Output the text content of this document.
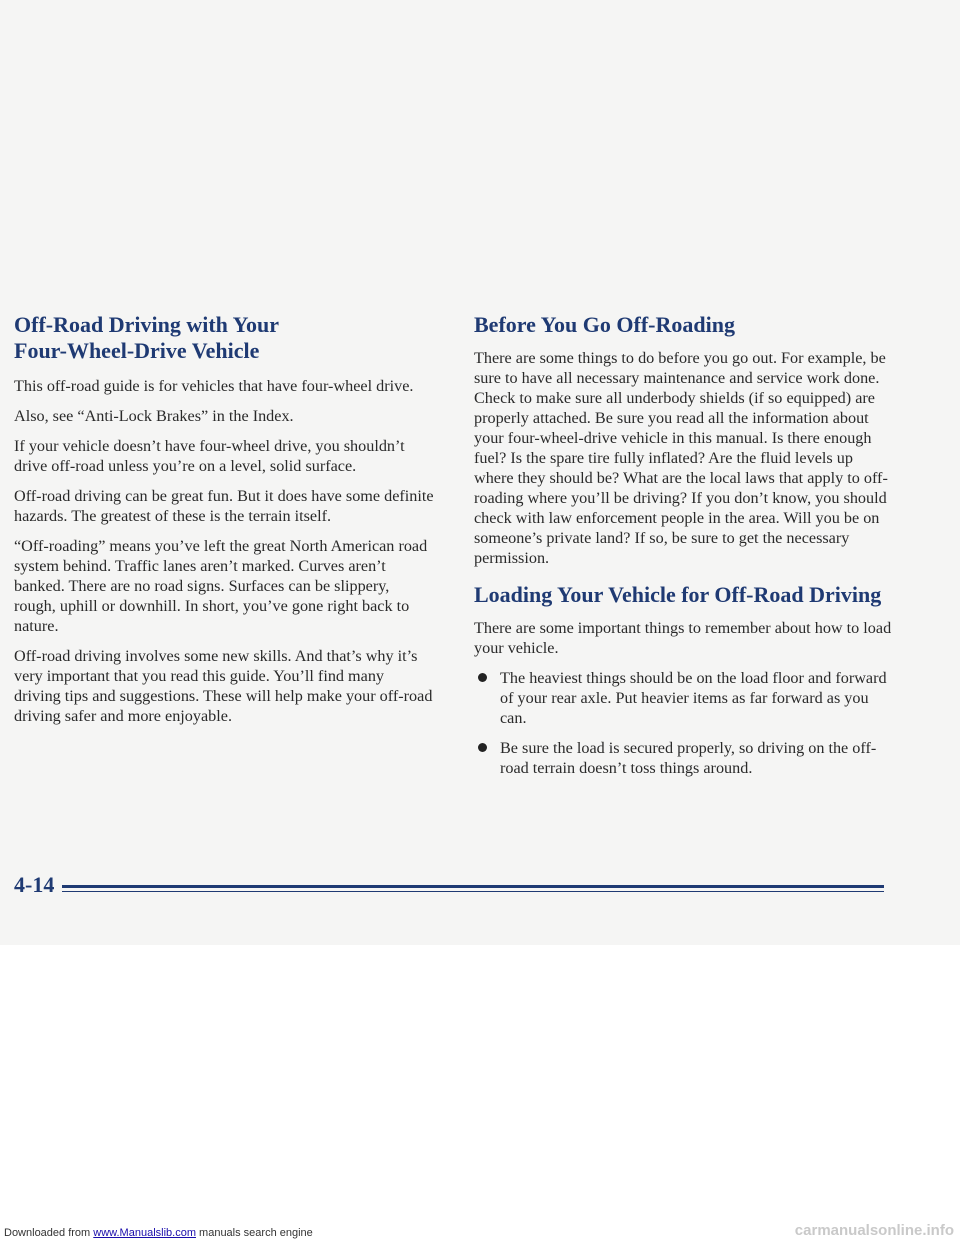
Off-Road Driving with Your
Four-Wheel-Drive Vehicle

This off-road guide is for vehicles that have four-wheel drive.

Also, see “Anti-Lock Brakes” in the Index.

If your vehicle doesn’t have four-wheel drive, you shouldn’t drive off-road unless you’re on a level, solid surface.

Off-road driving can be great fun. But it does have some definite hazards. The greatest of these is the terrain itself.

“Off-roading” means you’ve left the great North American road system behind. Traffic lanes aren’t marked. Curves aren’t banked. There are no road signs. Surfaces can be slippery, rough, uphill or downhill. In short, you’ve gone right back to nature.

Off-road driving involves some new skills. And that’s why it’s very important that you read this guide. You’ll find many driving tips and suggestions. These will help make your off-road driving safer and more enjoyable.

Before You Go Off-Roading

There are some things to do before you go out. For example, be sure to have all necessary maintenance and service work done. Check to make sure all underbody shields (if so equipped) are properly attached. Be sure you read all the information about your four-wheel-drive vehicle in this manual. Is there enough fuel? Is the spare tire fully inflated? Are the fluid levels up where they should be? What are the local laws that apply to off-roading where you’ll be driving? If you don’t know, you should check with law enforcement people in the area. Will you be on someone’s private land? If so, be sure to get the necessary permission.

Loading Your Vehicle for Off-Road Driving

There are some important things to remember about how to load your vehicle.

The heaviest things should be on the load floor and forward of your rear axle. Put heavier items as far forward as you can.
Be sure the load is secured properly, so driving on the off-road terrain doesn’t toss things around.
4-14
Downloaded from www.Manualslib.com manuals search engine	carmanualsonline.info
